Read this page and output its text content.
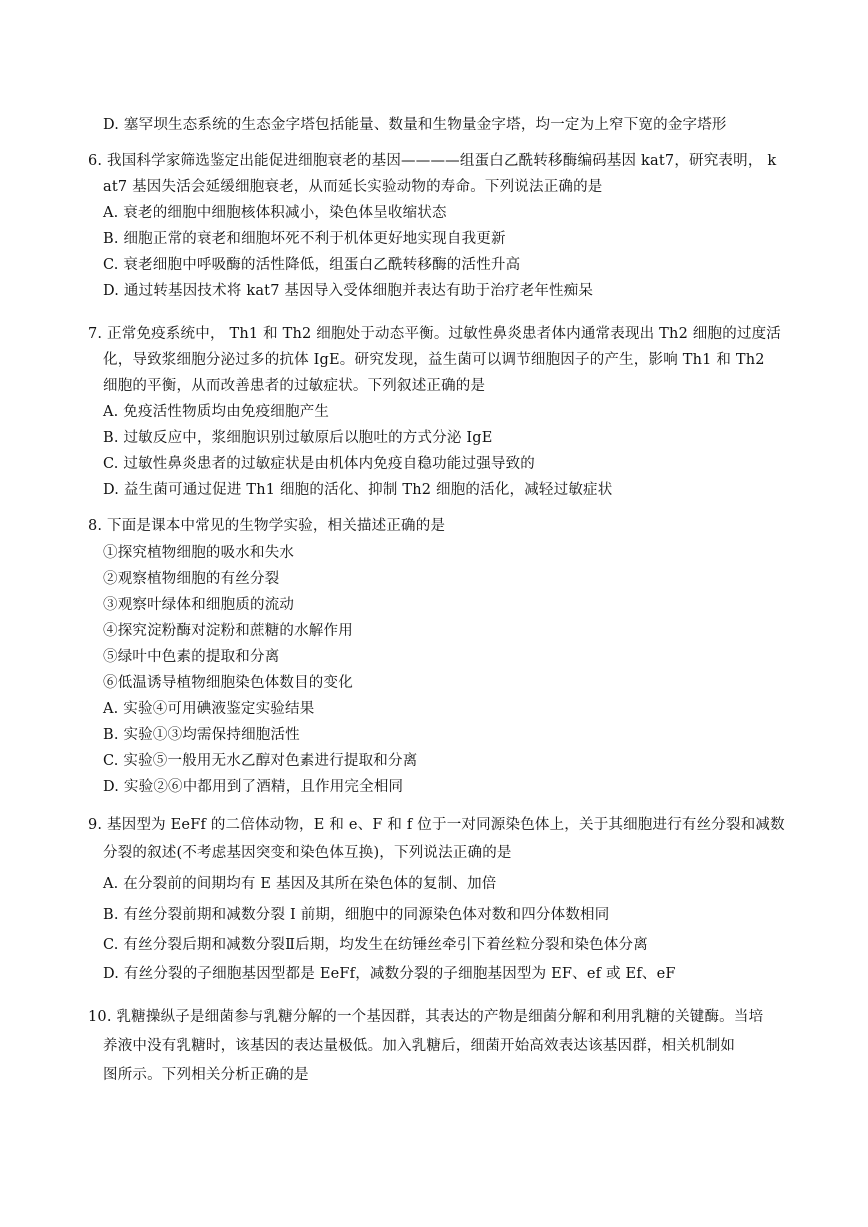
D. 塞罕坝生态系统的生态金字塔包括能量、数量和生物量金字塔，均一定为上窄下宽的金字塔形
6. 我国科学家筛选鉴定出能促进细胞衰老的基因————组蛋白乙酰转移酶编码基因 kat7，研究表明， k
at7 基因失活会延缓细胞衰老，从而延长实验动物的寿命。下列说法正确的是
A. 衰老的细胞中细胞核体积减小，染色体呈收缩状态
B. 细胞正常的衰老和细胞坏死不利于机体更好地实现自我更新
C. 衰老细胞中呼吸酶的活性降低，组蛋白乙酰转移酶的活性升高
D. 通过转基因技术将 kat7 基因导入受体细胞并表达有助于治疗老年性痴呆
7. 正常免疫系统中， Th1 和 Th2 细胞处于动态平衡。过敏性鼻炎患者体内通常表现出 Th2 细胞的过度活
化，导致浆细胞分泌过多的抗体 IgE。研究发现，益生菌可以调节细胞因子的产生，影响 Th1 和 Th2
细胞的平衡，从而改善患者的过敏症状。下列叙述正确的是
A. 免疫活性物质均由免疫细胞产生
B. 过敏反应中，浆细胞识别过敏原后以胞吐的方式分泌 IgE
C. 过敏性鼻炎患者的过敏症状是由机体内免疫自稳功能过强导致的
D. 益生菌可通过促进 Th1 细胞的活化、抑制 Th2 细胞的活化，减轻过敏症状
8. 下面是课本中常见的生物学实验，相关描述正确的是
①探究植物细胞的吸水和失水
②观察植物细胞的有丝分裂
③观察叶绿体和细胞质的流动
④探究淀粉酶对淀粉和蔗糖的水解作用
⑤绿叶中色素的提取和分离
⑥低温诱导植物细胞染色体数目的变化
A. 实验④可用碘液鉴定实验结果
B. 实验①③均需保持细胞活性
C. 实验⑤一般用无水乙醇对色素进行提取和分离
D. 实验②⑥中都用到了酒精，且作用完全相同
9. 基因型为 EeFf 的二倍体动物，E 和 e、F 和 f 位于一对同源染色体上，关于其细胞进行有丝分裂和减数
分裂的叙述(不考虑基因突变和染色体互换)，下列说法正确的是
A. 在分裂前的间期均有 E 基因及其所在染色体的复制、加倍
B. 有丝分裂前期和减数分裂 I 前期，细胞中的同源染色体对数和四分体数相同
C. 有丝分裂后期和减数分裂Ⅱ后期，均发生在纺锤丝牵引下着丝粒分裂和染色体分离
D. 有丝分裂的子细胞基因型都是 EeFf，减数分裂的子细胞基因型为 EF、ef 或 Ef、eF
10. 乳糖操纵子是细菌参与乳糖分解的一个基因群，其表达的产物是细菌分解和利用乳糖的关键酶。当培
养液中没有乳糖时，该基因的表达量极低。加入乳糖后，细菌开始高效表达该基因群，相关机制如
图所示。下列相关分析正确的是
